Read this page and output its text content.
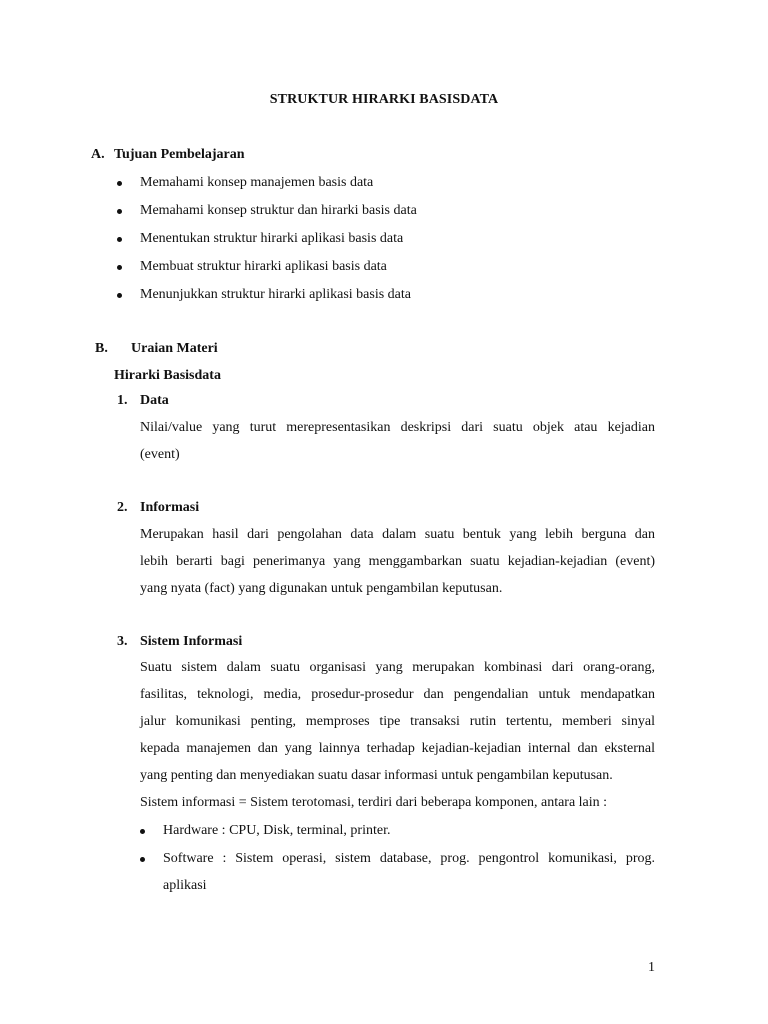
STRUKTUR HIRARKI BASISDATA
A. Tujuan Pembelajaran
Memahami konsep manajemen basis data
Memahami konsep struktur dan hirarki basis data
Menentukan struktur hirarki aplikasi basis data
Membuat struktur hirarki aplikasi basis data
Menunjukkan struktur hirarki aplikasi basis data
B. Uraian Materi
Hirarki Basisdata
1. Data
Nilai/value yang turut merepresentasikan deskripsi dari suatu objek atau kejadian
(event)
2. Informasi
Merupakan hasil dari pengolahan data dalam suatu bentuk yang lebih berguna dan
lebih berarti bagi penerimanya yang menggambarkan suatu kejadian-kejadian (event)
yang nyata (fact) yang digunakan untuk pengambilan keputusan.
3. Sistem Informasi
Suatu sistem dalam suatu organisasi yang merupakan kombinasi dari orang-orang,
fasilitas, teknologi, media, prosedur-prosedur dan pengendalian untuk mendapatkan
jalur komunikasi penting, memproses tipe transaksi rutin tertentu, memberi sinyal
kepada manajemen dan yang lainnya terhadap kejadian-kejadian internal dan eksternal
yang penting dan menyediakan suatu dasar informasi untuk pengambilan keputusan.
Sistem informasi = Sistem terotomasi, terdiri dari beberapa komponen, antara lain :
Hardware : CPU, Disk, terminal, printer.
Software : Sistem operasi, sistem database, prog. pengontrol komunikasi, prog.
aplikasi
1
